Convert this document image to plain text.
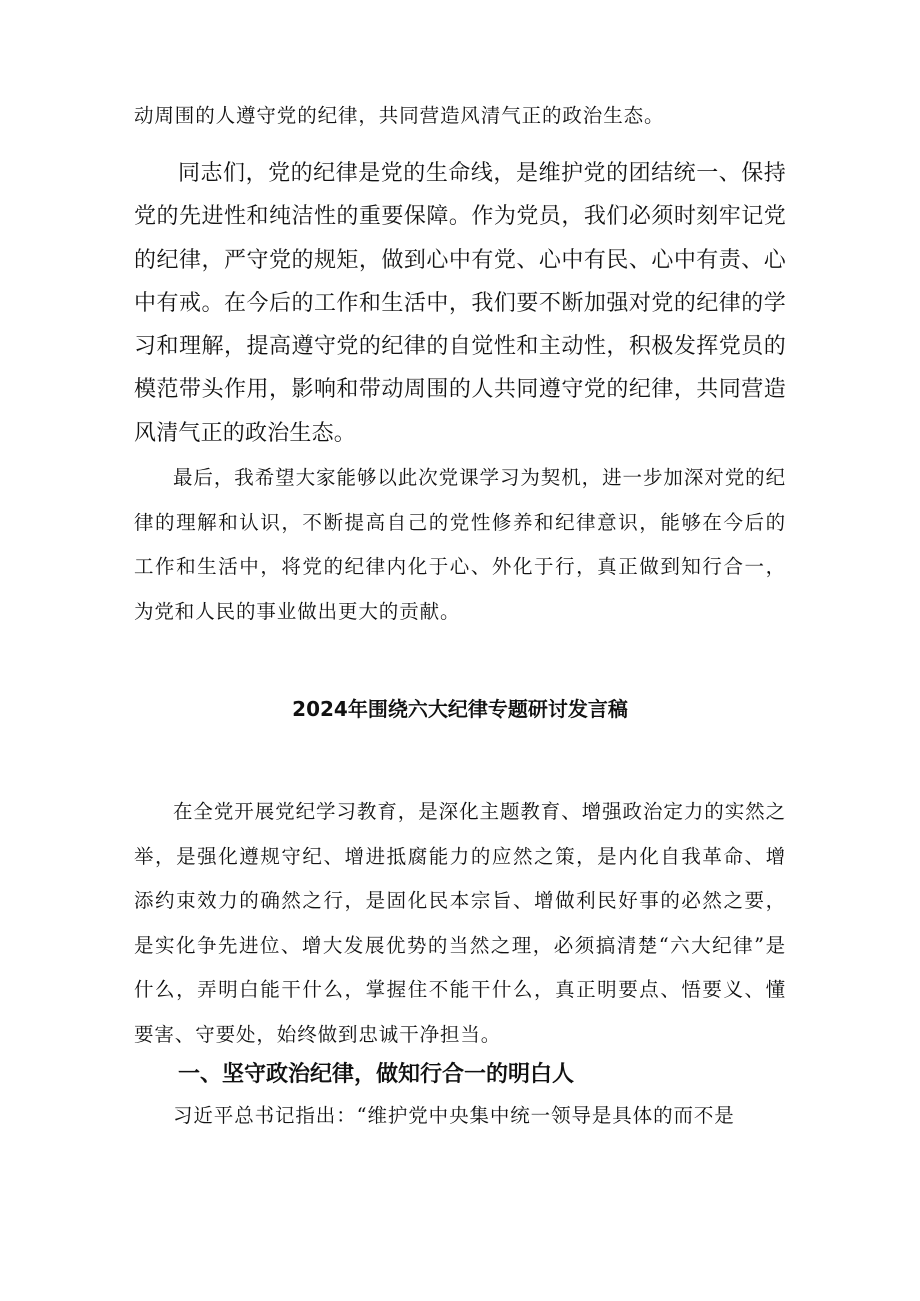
动周围的人遵守党的纪律，共同营造风清气正的政治生态。

同志们，党的纪律是党的生命线，是维护党的团结统一、保持党的先进性和纯洁性的重要保障。作为党员，我们必须时刻牢记党的纪律，严守党的规矩，做到心中有党、心中有民、心中有责、心中有戒。在今后的工作和生活中，我们要不断加强对党的纪律的学习和理解，提高遵守党的纪律的自觉性和主动性，积极发挥党员的模范带头作用，影响和带动周围的人共同遵守党的纪律，共同营造风清气正的政治生态。

最后，我希望大家能够以此次党课学习为契机，进一步加深对党的纪律的理解和认识，不断提高自己的党性修养和纪律意识，能够在今后的工作和生活中，将党的纪律内化于心、外化于行，真正做到知行合一，为党和人民的事业做出更大的贡献。

2024年围绕六大纪律专题研讨发言稿

在全党开展党纪学习教育，是深化主题教育、增强政治定力的实然之举，是强化遵规守纪、增进抵腐能力的应然之策，是内化自我革命、增添约束效力的确然之行，是固化民本宗旨、增做利民好事的必然之要，是实化争先进位、增大发展优势的当然之理，必须搞清楚“六大纪律”是什么，弄明白能干什么，掌握住不能干什么，真正明要点、悟要义、懂要害、守要处，始终做到忠诚干净担当。

一、坚守政治纪律，做知行合一的明白人

习近平总书记指出：“维护党中央集中统一领导是具体的而不是
